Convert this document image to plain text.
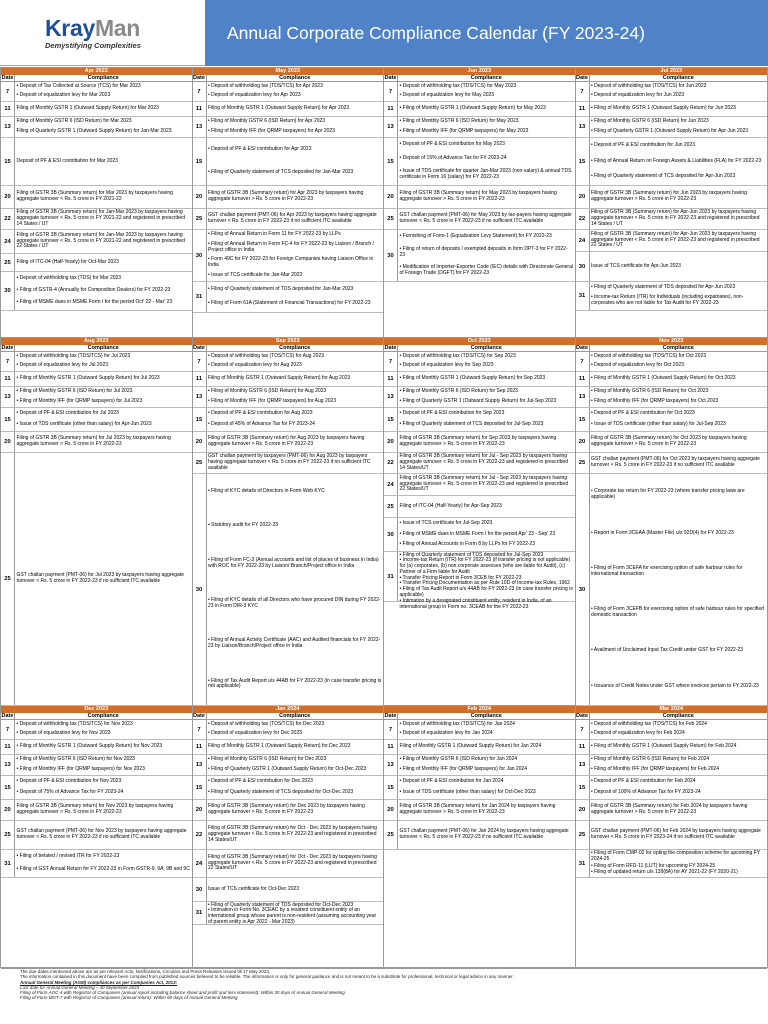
KrayMan
Demystifying Complexities
Annual Corporate Compliance Calendar (FY 2023-24)
Apr 2023
Date	Compliance
7
• Deposit of Tax Collected at Source (TCS) for Mar 2023
• Deposit of equalization levy for Mar 2023
11	Filing of Monthly GSTR 1 (Outward Supply Return) for Mar 2023
13
Filing of Monthly GSTR 6 (ISD Return) for Mar 2023
Filing of Quarterly GSTR 1 (Outward Supply Return) for Jan-Mar 2023
15	Deposit of PF & ESI contribution for Mar 2023
20
Filing of GSTR 3B (Summary return) for Mar 2023 by taxpayers having aggregate turnover < Rs. 5 crore in FY 2021-22
22
Filing of GSTR 3B (Summary return) for Jan-Mar 2023 by taxpayers having aggregate turnover < Rs. 5 crore in FY 2021-22 and registered in prescribed 14 States / UT
24
Filing of GSTR 3B (Summary return) for Jan-Mar 2023 by taxpayers having aggregate turnover < Rs. 5 crore in FY 2021-22 and registered in prescribed 22 States / UT
25	Filing of ITC-04 (Half-Yearly) for Oct-Mar 2023
30
• Deposit of withholding tax (TDS) for Mar 2023
• Filing of GSTR-4 (Annually for Composition Dealers) for FY 2022-23
• Filing of MSME dues in MSME Form I for the period Oct' 22 - Mar' 23
May 2023
Date	Compliance
7
• Deposit of withholding tax (TDS/TCS) for Apr 2023
• Deposit of equalization levy for Apr 2023
11	Filing of Monthly GSTR 1 (Outward Supply Return) for Apr 2023
13
• Filing of Monthly GSTR 6 (ISD Return) for Apr 2023
• Filing of Monthly IFF (for QRMP taxpayers) for Apr 2023
15
• Deposit of PF & ESI contribution for Apr 2023
• Filing of Quarterly statement of TCS deposited for Jan-Mar 2023
20
Filing of GSTR 3B (Summary return) for Apr 2023 by taxpayers having aggregate turnover > Rs. 5 crore in FY 2022-23
25
GST challan payment (PMT-06) for Apr 2023 by taxpayers having aggregate turnover < Rs. 5 crore in FY 2022-23 if no sufficient ITC available
30
• Filing of Annual Return in Form 11 for FY 2022-23 by LLPs
• Filing of Annual Return in Form FC-4 for FY 2022-23 by Liaison / Branch / Project office in India
• Form 49C for FY 2022-23 for Foreign Companies having Liaison Office in India
• Issue of TCS certificate for Jan-Mar 2023
31
• Filing of Quarterly statement of TDS deposited for Jan-Mar 2023
• Filing of Form 61A (Statement of Financial Transactions) for FY 2022-23
Jun 2023
Date	Compliance
7
• Deposit of withholding tax (TDS/TCS) for May 2023
• Deposit of equalization levy for May 2023
11	• Filing of Monthly GSTR 1 (Outward Supply Return) for May 2023
13
• Filing of Monthly GSTR 6 (ISD Return) for May 2023
• Filing of Monthly IFF (for QRMP taxpayers) for May 2023
15
• Deposit of PF & ESI contribution for May 2023
• Deposit of 15% of Advance Tax for FY 2023-24
• Issue of TDS certificate for quarter Jan-Mar 2023 (non-salary) & annual TDS certificate in Form 16 (salary) for FY 2022-23
20
Filing of GSTR 3B (Summary return) for May 2023 by taxpayers having aggregate turnover > Rs. 5 crore in FY 2022-23
25
GST challan payment (PMT-06) for May 2023 by tax-payers having aggregate turnover < Rs. 5 crore in FY 2022-23 if no sufficient ITC available
30
• Furnishing of Form-1 (Equalisation Levy Statement) for FY 2022-23
• Filing of return of deposits / exempted deposits in form DPT-3 for FY 2022-23
• Modification of Importer-Exporter Code (IEC) details with Directorate General of Foreign Trade (DGFT) for FY 2022-23
Jul 2023
Date	Compliance
7
• Deposit of withholding tax (TDS/TCS) for Jun 2023
• Deposit of equalization levy for Jun 2023
11	• Filing of Monthly GSTR 1 (Outward Supply Return) for Jun 2023
13
• Filing of Monthly GSTR 6 (ISD Return) for Jun 2023
• Filing of Quarterly GSTR 1 (Outward Supply Return) for Apr-Jun 2023
15
• Deposit of PF & ESI contribution for Jun 2023
• Filing of Annual Return on Foreign Assets & Liabilities (FLA) for FY 2022-23
• Filing of Quarterly statement of TCS deposited for Apr-Jun 2023
20
Filing of GSTR 3B (Summary return) for Jun 2023 by taxpayers having aggregate turnover > Rs. 5 crore in FY 2022-23
22
Filing of GSTR 3B (Summary return) for Apr-Jun 2023 by taxpayers having aggregate turnover < Rs. 5 crore in FY 2022-23 and registered in prescribed 14 States / UT
24
Filing of GSTR 3B (Summary return) for Apr-Jun 2023 by taxpayers having aggregate turnover < Rs. 5 crore in FY 2022-23 and registered in prescribed 22 States / UT
30	Issue of TCS certificate for Apr-Jun 2023
31
• Filing of Quarterly statement of TDS deposited for Apr-Jun 2023
• Income-tax Return (ITR) for Individuals (including expatriates), non-corporates who are not liable for Tax Audit for FY 2022-23
Aug 2023
Date	Compliance
7
• Deposit of withholding tax (TDS/TCS) for Jul 2023
• Deposit of equalization levy for Jul 2023
11	• Filing of Monthly GSTR 1 (Outward Supply Return) for Jul 2023
13
• Filing of Monthly GSTR 6 (ISD Return) for Jul 2023
• Filing of Monthly IFF (for QRMP taxpayers) for Jul 2023
15
• Deposit of PF & ESI contribution for Jul 2023
• Issue of TDS certificate (other than salary) for Apr-Jun 2023
20
Filing of GSTR 3B (Summary return) for Jul 2023 by taxpayers having aggregate turnover > Rs. 5 crore in FY 2022-23
25
GST challan payment (PMT-06) for Jul 2023 by taxpayers having aggregate turnover < Rs. 5 crore in FY 2022-23 if no sufficient ITC available
Sep 2023
Date	Compliance
7
• Deposit of withholding tax (TDS/TCS) for Aug 2023
• Deposit of equalization levy for Aug 2023
11	Filing of Monthly GSTR 1 (Outward Supply Return) for Aug 2023
13
• Filing of Monthly GSTR 6 (ISD Return) for Aug 2023
• Filing of Monthly IFF (for QRMP taxpayers) for Aug 2023
15
• Deposit of PF & ESI contribution for Aug 2023
• Deposit of 45% of Advance Tax for FY 2023-24
20
Filing of GSTR 3B (Summary return) for Aug 2023 by taxpayers having aggregate turnover > Rs. 5 crore in FY 2022-23
25
GST challan payment by taxpayers (PMT-06) for Aug 2023 by taxpayers having aggregate turnover < Rs. 5 crore in FY 2022-23 if no sufficient ITC available
30
• Filing of KYC details of Directors in Form Web KYC
• Statutory audit for FY 2022-23
• Filing of Form FC-3 (Annual accounts and list of places of business in India) with ROC for FY 2022-23 by Liaison/ Branch/Project office in India
• Filing of KYC details of all Directors who have procured DIN during FY 2022-23 in Form DIR-3 KYC
• Filing of Annual Activity Certificate (AAC) and Audited financials for FY 2022-23 by Liaison/Branch/Project office in India
• Filing of Tax Audit Report u/s 44AB for FY 2022-23 (in case transfer pricing is not applicable)
Oct 2023
Date	Compliance
7
• Deposit of withholding tax (TDS/TCS) for Sep 2023
• Deposit of equalization levy for Sep 2023
11	• Filing of Monthly GSTR 1 (Outward Supply Return) for Sep 2023
13
• Filing of Monthly GSTR 6 (ISD Return) for Sep 2023
• Filing of Quarterly GSTR 1 (Outward Supply Return) for Jul-Sep 2023
15
• Deposit of PF & ESI contribution for Sep 2023
• Filing of Quarterly statement of TCS deposited for Jul-Sep 2023
20
Filing of GSTR 3B (Summary return) for Sep 2023 by taxpayers having aggregate turnover > Rs. 5 crore in FY 2022-23
22
Filing of GSTR 3B (Summary return) for Jul - Sep 2023 by taxpayers having aggregate turnover < Rs. 5 crore in FY 2022-23 and registered in prescribed 14 States/UT
24
Filing of GSTR 3B (Summary return) for Jul - Sep 2023 by taxpayers having aggregate turnover < Rs. 5 crore in FY 2022-23 and registered in prescribed 22 States/UT
25	Filing of ITC-04 (Half-Yearly) for Apr-Sep 2023
30
• Issue of TCS certificate for Jul-Sep 2023
• Filing of MSME dues in MSME Form I for the period Apr' 23 - Sep' 23
• Filing of Annual Accounts in Form 8 by LLPs for FY 2022-23
31
• Filing of Quarterly statement of TDS deposited for Jul-Sep 2023
• Income-tax Return (ITR) for FY 2022-23 (if transfer pricing is not applicable) for (a) corporates, (b) non corporate assesses (who are liable for Audit), (c) Partner of a Firm liable for Audit
• Transfer Pricing Report in Form 3CEB for FY 2022-23
• Transfer Pricing Documentation as per Rule 10D of Income-tax Rules, 1962
• Filing of Tax Audit Report u/s 44AB for FY 2022-23 (in case transfer pricing is applicable)
• Intimation by a designated constituent entity, resident in India, of an international group in Form no. 3CEAB for the FY 2022-23
Nov 2023
Date	Compliance
7
• Deposit of withholding tax (TDS/TCS) for Oct 2023
• Deposit of equalization levy for Oct 2023
11	• Filing of Monthly GSTR 1 (Outward Supply Return) for Oct 2023
13
• Filing of Monthly GSTR 6 (ISD Return) for Oct 2023
• Filing of Monthly IFF (for QRMP taxpayers) for Oct 2023
15
• Deposit of PF & ESI contribution for Oct 2023
• Issue of TDS certificate (other than salary) for Jul-Sep 2023
20
Filing of GSTR 3B (Summary return) for Oct 2023 by taxpayers having aggregate turnover > Rs. 5 crore in FY 2022-23
25
GST challan payment (PMT-06) for Oct 2023 by taxpayers having aggregate turnover < Rs. 5 crore in FY 2022-23 if no sufficient ITC available
30
• Corporate tax return for FY 2022-23 (where transfer pricing laws are applicable)
• Report in Form 3CEAA (Master File) u/s 92D(4) for FY 2022-23
• Filing of Form 3CEFA for exercising option of safe harbour rules for international transaction
• Filing of Form 3CEFB for exercising option of safe harbour rules for specified domestic transaction
• Availment of Unclaimed Input Tax Credit under GST for FY 2022-23
• Issuance of Credit Notes under GST where invoices pertain to FY 2022-23
Dec 2023
Date	Compliance
7
• Deposit of withholding tax (TDS/TCS) for Nov 2023
• Deposit of equalization levy for Nov 2023
11	• Filing of Monthly GSTR 1 (Outward Supply Return) for Nov 2023
13
• Filing of Monthly GSTR 6 (ISD Return) for Nov 2023
• Filing of Monthly IFF (for QRMP taxpayers) for Nov 2023
15
• Deposit of PF & ESI contribution for Nov 2023
• Deposit of 75% of Advance Tax for FY 2023-24
20
Filing of GSTR 3B (Summary return) for Nov 2023 by taxpayers having aggregate turnover > Rs. 5 crore in FY 2022-23
25
GST challan payment (PMT-06) for Nov 2023 by taxpayers having aggregate turnover < Rs. 5 crore in FY 2022-23 if no sufficient ITC available
31
• Filing of belated / revised ITR for FY 2022-23
• Filing of GST Annual Return for FY 2022-23 in Form GSTR-9, 9A, 9B and 9C
Jan 2024
Date	Compliance
7
• Deposit of withholding tax (TDS/TCS) for Dec 2023
• Deposit of equalization levy for Dec 2023
11	Filing of Monthly GSTR 1 (Outward Supply Return) for Dec 2023
13
• Filing of Monthly GSTR 6 (ISD Return) for Dec 2023
• Filing of Quarterly GSTR 1 (Outward Supply Return) for Oct-Dec 2023
15
• Deposit of PF & ESI contribution for Dec 2023
• Filing of Quarterly statement of TCS deposited for Oct-Dec 2023
20
Filing of GSTR 3B (Summary return) for Dec 2023 by taxpayers having aggregate turnover > Rs. 5 crore in FY 2022-23
22
Filing of GSTR 3B (Summary return) for Oct - Dec 2023 by taxpayers having aggregate turnover < Rs. 5 crore in FY 2022-23 and registered in prescribed 14 States/UT
24
Filing of GSTR 3B (Summary return) for Oct - Dec 2023 by taxpayers having aggregate turnover < Rs. 5 crore in FY 2022-23 and registered in prescribed 22 States/UT
30	Issue of TCS certificate for Oct-Dec 2023
31
• Filing of Quarterly statement of TDS deposited for Oct-Dec 2023
• Intimation in Form No. 3CEAC by a resident constituent entity of an international group whose parent is non-resident (assuming accounting year of parent entity is Apr 2022 - Mar 2023)
Feb 2024
Date	Compliance
7
• Deposit of withholding tax (TDS/TCS) for Jan 2024
• Deposit of equalization levy for Jan 2024
11	Filing of Monthly GSTR 1 (Outward Supply Return) for Jan 2024
13
• Filing of Monthly GSTR 6 (ISD Return) for Jan 2024
• Filing of Monthly IFF (for QRMP taxpayers) for Jan 2024
15
• Deposit of PF & ESI contribution for Jan 2024
• Issue of TDS certificate (other than salary) for Oct-Dec 2023
20
Filing of GSTR 3B (Summary return) for Jan 2024 by taxpayers having aggregate turnover > Rs. 5 crore in FY 2022-23
25
GST challan payment (PMT-06) for Jan 2024 by taxpayers having aggregate turnover < Rs. 5 crore in FY 2022-23 if no sufficient ITC available
Mar 2024
Date	Compliance
7
• Deposit of withholding tax (TDS/TCS) for Feb 2024
• Deposit of equalization levy for Feb 2024
11	• Filing of Monthly GSTR 1 (Outward Supply Return) for Feb 2024
13
• Filing of Monthly GSTR 6 (ISD Return) for Feb 2024
• Filing of Monthly IFF (for QRMP taxpayers) for Feb 2024
15
• Deposit of PF & ESI contribution for Feb 2024
• Deposit of 100% of Advance Tax for FY 2023-24
20
Filing of GSTR 3B (Summary return) for Feb 2024 by taxpayers having aggregate turnover > Rs. 5 crore in FY 2022-23
25
GST challan payment (PMT-06) for Feb 2024 by taxpayers having aggregate turnover < Rs. 5 crore in FY 2023-24 if no sufficient ITC available
31
• Filing of Form CMP-02 for opting the composition scheme for upcoming FY 2024-25
• Filing of Form RFD-11 (LUT) for upcoming FY 2024-25
• Filing of updated return u/s 139(8A) for AY 2021-22 (FY 2020-21)
The due dates mentioned above are as per relevant Acts, Notifications, Circulars and Press Releases issued till 17 May 2023.
The information contained in this document have been compiled from published sources believed to be reliable. The information is only for general guidance and is not meant to be a substitute for professional, technical or legal advice in any manner.
Annual General Meeting (AGM) compliances as per Companies Act, 2013:
Last date for Annual General Meeting – 30 September 2023
Filing of Form AOC-4 with Registrar of Companies (annual report including balance sheet and profit and loss statement): Within 30 days of Annual General Meeting
Filing of Form MGT-7 with Registrar of Companies (annual return): Within 60 days of Annual General Meeting
